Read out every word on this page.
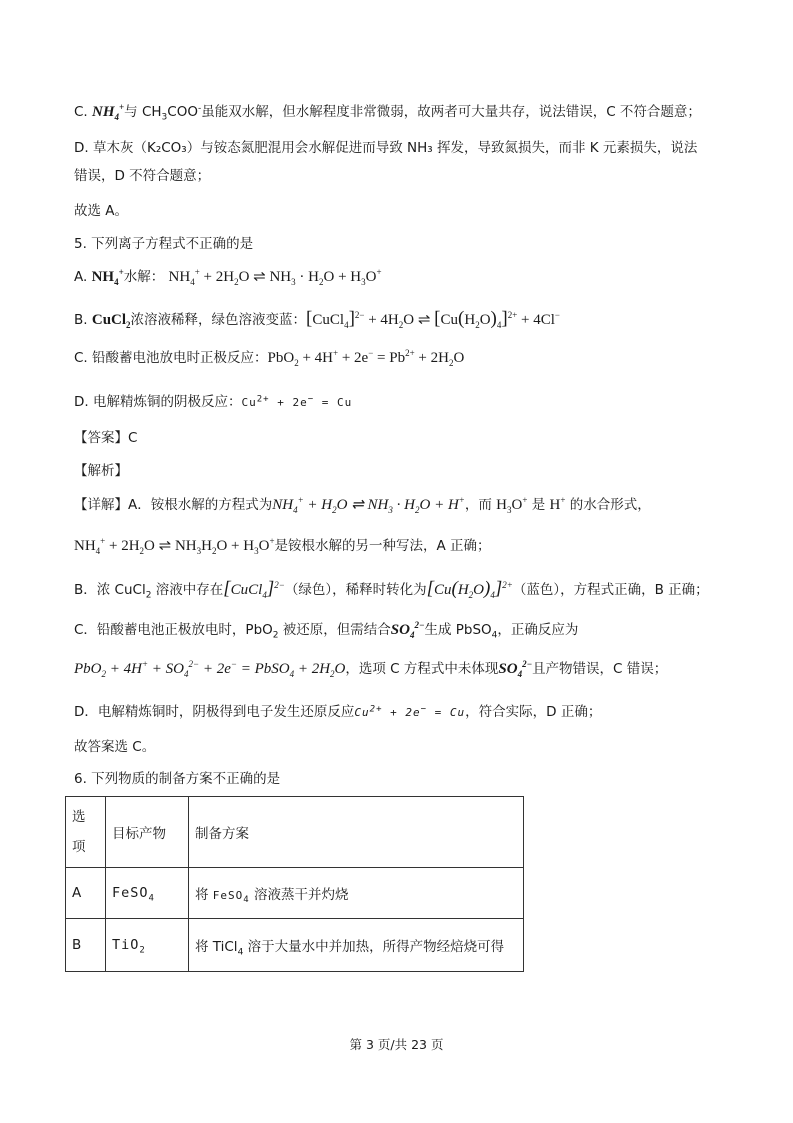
C. $NH_4^+$与 $CH_3COO^-$虽能双水解，但水解程度非常微弱，故两者可大量共存，说法错误，C 不符合题意；
D. 草木灰（K₂CO₃）与铵态氮肥混用会水解促进而导致 NH₃ 挥发，导致氮损失，而非 K 元素损失，说法
错误，D 不符合题意；
故选 A。
5. 下列离子方程式不正确的是
A. $NH_4^+$水解： $NH_4^+ + 2H_2O$ ⇌ $NH_3 \cdot H_2O + H_3O^+$
B. CuCl$_2$浓溶液稀释，绿色溶液变蓝：[CuCl$_4$]$^{2-}$ + $4H_2O$ ⇌ $[Cu(H_2O)_4]^{2+} + 4Cl^-$
C. 铅酸蓄电池放电时正极反应：$PbO_2 + 4H^+ + 2e^- = Pb^{2+} + 2H_2O$
D. 电解精炼铜的阴极反应：$Cu^{2+} + 2e^- = Cu$
【答案】C
【解析】
【详解】A．铵根水解的方程式为$NH_4^+ + H_2O$ ⇌ $NH_3 \cdot H_2O + H^+$，而 $H_3O^+$ 是 H+ 的水合形式，
$NH_4^+ + 2H_2O$ ⇌ $NH_3H_2O + H_3O^+$是铵根水解的另一种写法，A 正确；
B．浓 CuCl$_2$ 溶液中存在[CuCl$_4$]$^{2-}$（绿色），稀释时转化为$[Cu(H_2O)_4]^{2+}$（蓝色），方程式正确，B 正确；
C．铅酸蓄电池正极放电时，PbO$_2$ 被还原，但需结合$SO_4^{2-}$生成 PbSO$_4$，正确反应为
$PbO_2 + 4H^+ + SO_4^{2-} + 2e^-$ = PbSO$_4$ + $2H_2O$，选项 C 方程式中未体现$SO_4^{2-}$且产物错误，C 错误；
D．电解精炼铜时，阴极得到电子发生还原反应$Cu^{2+} + 2e^- = Cu$，符合实际，D 正确；
故答案选 C。
6. 下列物质的制备方案不正确的是
选项	目标产物	制备方案
A	FeSO$_4$	将 FeSO$_4$ 溶液蒸干并灼烧
B	TiO$_2$	将 TiCl$_4$ 溶于大量水中并加热，所得产物经焙烧可得
第 3 页/共 23 页
